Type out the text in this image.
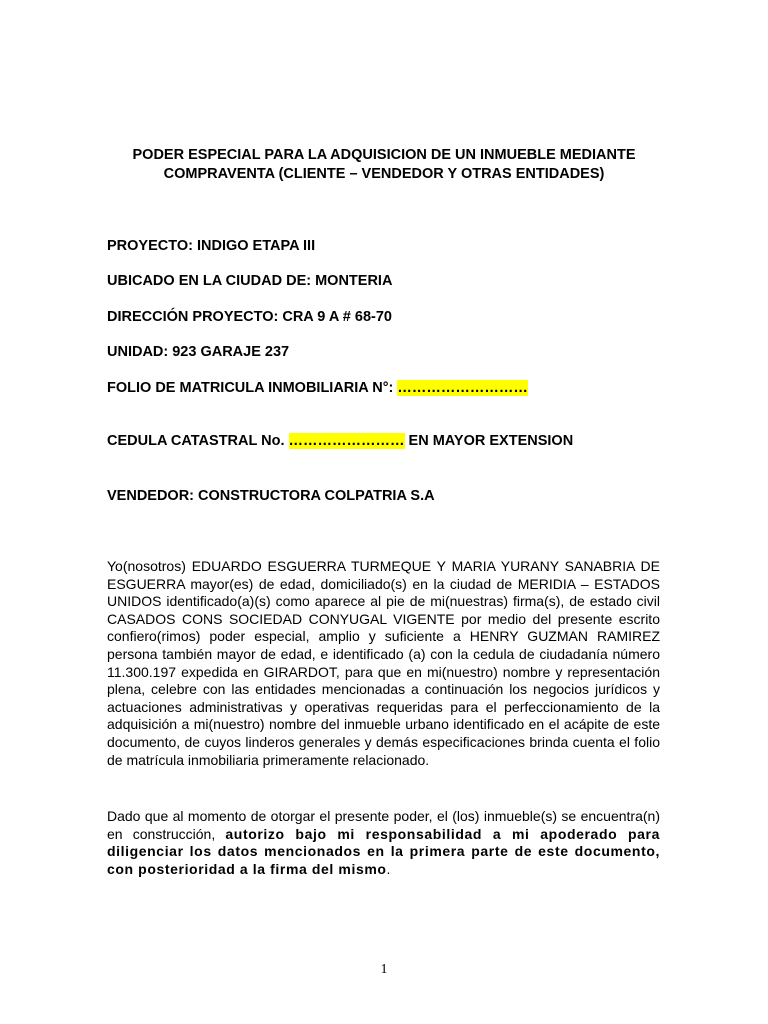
PODER ESPECIAL PARA LA ADQUISICION DE UN INMUEBLE MEDIANTE
COMPRAVENTA (CLIENTE – VENDEDOR Y OTRAS ENTIDADES)
PROYECTO: INDIGO ETAPA III
UBICADO EN LA CIUDAD DE: MONTERIA
DIRECCIÓN PROYECTO: CRA 9 A # 68-70
UNIDAD: 923 GARAJE 237
FOLIO DE MATRICULA INMOBILIARIA N°: ………………………
CEDULA CATASTRAL No. …………………… EN MAYOR EXTENSION
VENDEDOR: CONSTRUCTORA COLPATRIA S.A
Yo(nosotros) EDUARDO ESGUERRA TURMEQUE Y MARIA YURANY SANABRIA DE ESGUERRA mayor(es) de edad, domiciliado(s) en la ciudad de MERIDIA – ESTADOS UNIDOS identificado(a)(s) como aparece al pie de mi(nuestras) firma(s), de estado civil CASADOS CONS SOCIEDAD CONYUGAL VIGENTE por medio del presente escrito confiero(rimos) poder especial, amplio y suficiente a HENRY GUZMAN RAMIREZ persona también mayor de edad, e identificado (a) con la cedula de ciudadanía número 11.300.197 expedida en GIRARDOT, para que en mi(nuestro) nombre y representación plena, celebre con las entidades mencionadas a continuación los negocios jurídicos y actuaciones administrativas y operativas requeridas para el perfeccionamiento de la adquisición a mi(nuestro) nombre del inmueble urbano identificado en el acápite de este documento, de cuyos linderos generales y demás especificaciones brinda cuenta el folio de matrícula inmobiliaria primeramente relacionado.
Dado que al momento de otorgar el presente poder, el (los) inmueble(s) se encuentra(n) en construcción, autorizo bajo mi responsabilidad a mi apoderado para diligenciar los datos mencionados en la primera parte de este documento, con posterioridad a la firma del mismo.
1
